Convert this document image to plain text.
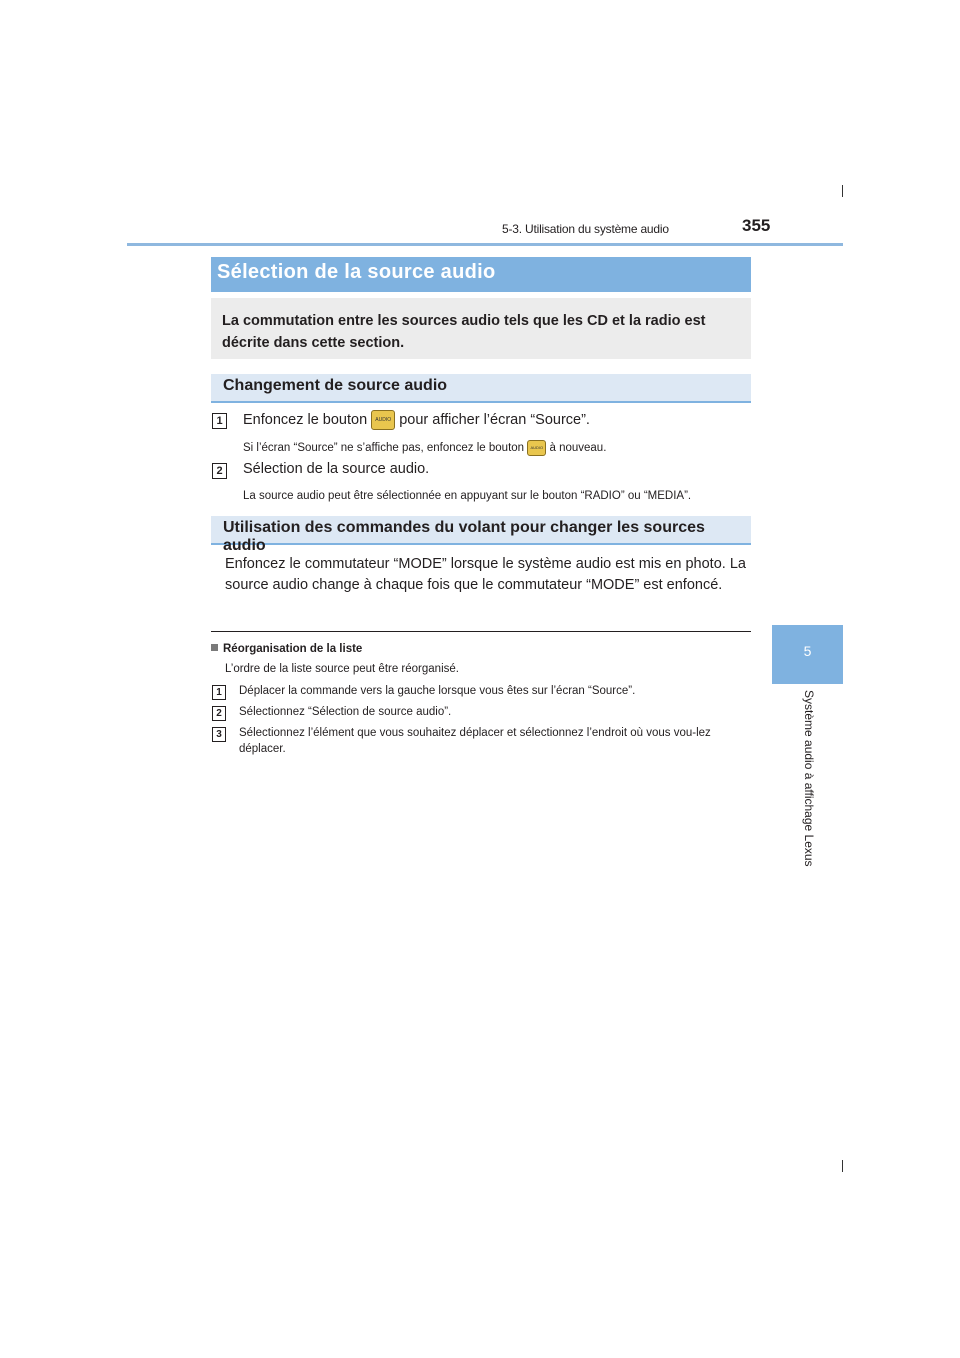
5-3. Utilisation du système audio	355
5
Système audio à affichage Lexus
Sélection de la source audio

La commutation entre les sources audio tels que les CD et la radio est décrite dans cette section.

Changement de source audio
1	Enfoncez le bouton AUDIO pour afficher l’écran “Source”.
Si l’écran “Source” ne s’affiche pas, enfoncez le bouton AUDIO à nouveau.
2	Sélection de la source audio.
La source audio peut être sélectionnée en appuyant sur le bouton “RADIO” ou “MEDIA”.
Utilisation des commandes du volant pour changer les sources audio

Enfoncez le commutateur “MODE” lorsque le système audio est mis en photo. La source audio change à chaque fois que le commutateur “MODE” est enfoncé.

Réorganisation de la liste
L’ordre de la liste source peut être réorganisé.
1	Déplacer la commande vers la gauche lorsque vous êtes sur l’écran “Source”.
2	Sélectionnez “Sélection de source audio”.
3	Sélectionnez l’élément que vous souhaitez déplacer et sélectionnez l’endroit où vous vou-lez déplacer.
